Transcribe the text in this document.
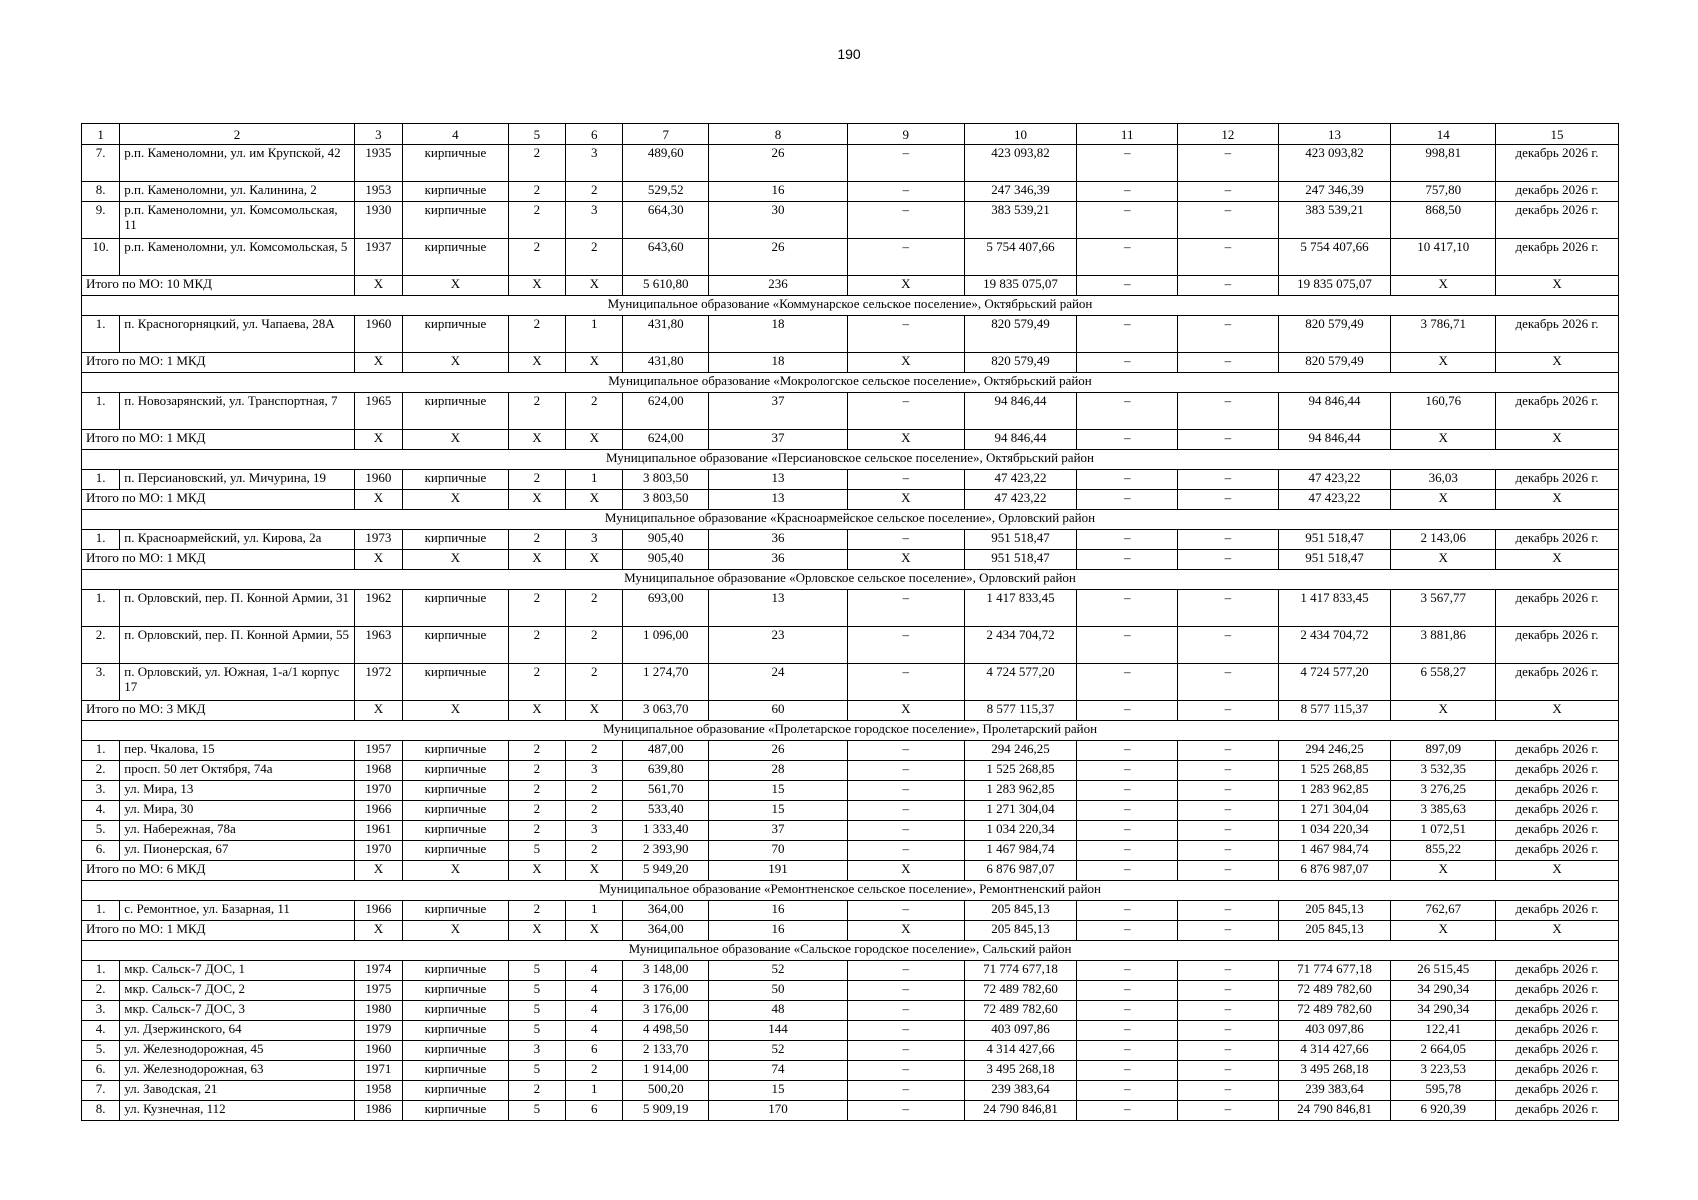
190
1	2	3	4	5	6	7	8	9	10	11	12	13	14	15
7.	р.п. Каменоломни, ул. им Крупской, 42	1935	кирпичные	2	3	489,60	26	–	423 093,82	–	–	423 093,82	998,81	декабрь 2026 г.
8.	р.п. Каменоломни, ул. Калинина, 2	1953	кирпичные	2	2	529,52	16	–	247 346,39	–	–	247 346,39	757,80	декабрь 2026 г.
9.	р.п. Каменоломни, ул. Комсомольская, 11	1930	кирпичные	2	3	664,30	30	–	383 539,21	–	–	383 539,21	868,50	декабрь 2026 г.
10.	р.п. Каменоломни, ул. Комсомольская, 5	1937	кирпичные	2	2	643,60	26	–	5 754 407,66	–	–	5 754 407,66	10 417,10	декабрь 2026 г.
Итого по МО: 10 МКД		X	X	X	X	5 610,80	236	X	19 835 075,07	–	–	19 835 075,07	X	X
Муниципальное образование «Коммунарское сельское поселение», Октябрьский район														
1.	п. Красногорняцкий, ул. Чапаева, 28А	1960	кирпичные	2	1	431,80	18	–	820 579,49	–	–	820 579,49	3 786,71	декабрь 2026 г.
Итого по МО: 1 МКД		X	X	X	X	431,80	18	X	820 579,49	–	–	820 579,49	X	X
Муниципальное образование «Мокрологское сельское поселение», Октябрьский район														
1.	п. Новозарянский, ул. Транспортная, 7	1965	кирпичные	2	2	624,00	37	–	94 846,44	–	–	94 846,44	160,76	декабрь 2026 г.
Итого по МО: 1 МКД		X	X	X	X	624,00	37	X	94 846,44	–	–	94 846,44	X	X
Муниципальное образование «Персиановское сельское поселение», Октябрьский район														
1.	п. Персиановский, ул. Мичурина, 19	1960	кирпичные	2	1	3 803,50	13	–	47 423,22	–	–	47 423,22	36,03	декабрь 2026 г.
Итого по МО: 1 МКД		X	X	X	X	3 803,50	13	X	47 423,22	–	–	47 423,22	X	X
Муниципальное образование «Красноармейское сельское поселение», Орловский район														
1.	п. Красноармейский, ул. Кирова, 2а	1973	кирпичные	2	3	905,40	36	–	951 518,47	–	–	951 518,47	2 143,06	декабрь 2026 г.
Итого по МО: 1 МКД		X	X	X	X	905,40	36	X	951 518,47	–	–	951 518,47	X	X
Муниципальное образование «Орловское сельское поселение», Орловский район														
1.	п. Орловский, пер. П. Конной Армии, 31	1962	кирпичные	2	2	693,00	13	–	1 417 833,45	–	–	1 417 833,45	3 567,77	декабрь 2026 г.
2.	п. Орловский, пер. П. Конной Армии, 55	1963	кирпичные	2	2	1 096,00	23	–	2 434 704,72	–	–	2 434 704,72	3 881,86	декабрь 2026 г.
3.	п. Орловский, ул. Южная, 1-а/1 корпус 17	1972	кирпичные	2	2	1 274,70	24	–	4 724 577,20	–	–	4 724 577,20	6 558,27	декабрь 2026 г.
Итого по МО: 3 МКД		X	X	X	X	3 063,70	60	X	8 577 115,37	–	–	8 577 115,37	X	X
Муниципальное образование «Пролетарское городское поселение», Пролетарский район														
1.	пер. Чкалова, 15	1957	кирпичные	2	2	487,00	26	–	294 246,25	–	–	294 246,25	897,09	декабрь 2026 г.
2.	просп. 50 лет Октября, 74а	1968	кирпичные	2	3	639,80	28	–	1 525 268,85	–	–	1 525 268,85	3 532,35	декабрь 2026 г.
3.	ул. Мира, 13	1970	кирпичные	2	2	561,70	15	–	1 283 962,85	–	–	1 283 962,85	3 276,25	декабрь 2026 г.
4.	ул. Мира, 30	1966	кирпичные	2	2	533,40	15	–	1 271 304,04	–	–	1 271 304,04	3 385,63	декабрь 2026 г.
5.	ул. Набережная, 78а	1961	кирпичные	2	3	1 333,40	37	–	1 034 220,34	–	–	1 034 220,34	1 072,51	декабрь 2026 г.
6.	ул. Пионерская, 67	1970	кирпичные	5	2	2 393,90	70	–	1 467 984,74	–	–	1 467 984,74	855,22	декабрь 2026 г.
Итого по МО: 6 МКД		X	X	X	X	5 949,20	191	X	6 876 987,07	–	–	6 876 987,07	X	X
Муниципальное образование «Ремонтненское сельское поселение», Ремонтненский район														
1.	с. Ремонтное, ул. Базарная, 11	1966	кирпичные	2	1	364,00	16	–	205 845,13	–	–	205 845,13	762,67	декабрь 2026 г.
Итого по МО: 1 МКД		X	X	X	X	364,00	16	X	205 845,13	–	–	205 845,13	X	X
Муниципальное образование «Сальское городское поселение», Сальский район														
1.	мкр. Сальск-7 ДОС, 1	1974	кирпичные	5	4	3 148,00	52	–	71 774 677,18	–	–	71 774 677,18	26 515,45	декабрь 2026 г.
2.	мкр. Сальск-7 ДОС, 2	1975	кирпичные	5	4	3 176,00	50	–	72 489 782,60	–	–	72 489 782,60	34 290,34	декабрь 2026 г.
3.	мкр. Сальск-7 ДОС, 3	1980	кирпичные	5	4	3 176,00	48	–	72 489 782,60	–	–	72 489 782,60	34 290,34	декабрь 2026 г.
4.	ул. Дзержинского, 64	1979	кирпичные	5	4	4 498,50	144	–	403 097,86	–	–	403 097,86	122,41	декабрь 2026 г.
5.	ул. Железнодорожная, 45	1960	кирпичные	3	6	2 133,70	52	–	4 314 427,66	–	–	4 314 427,66	2 664,05	декабрь 2026 г.
6.	ул. Железнодорожная, 63	1971	кирпичные	5	2	1 914,00	74	–	3 495 268,18	–	–	3 495 268,18	3 223,53	декабрь 2026 г.
7.	ул. Заводская, 21	1958	кирпичные	2	1	500,20	15	–	239 383,64	–	–	239 383,64	595,78	декабрь 2026 г.
8.	ул. Кузнечная, 112	1986	кирпичные	5	6	5 909,19	170	–	24 790 846,81	–	–	24 790 846,81	6 920,39	декабрь 2026 г.
